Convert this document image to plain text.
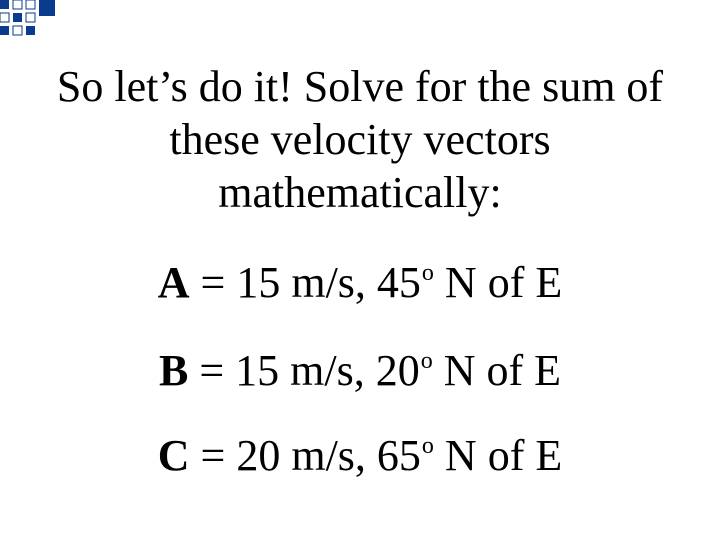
So let’s do it! Solve for the sum of these velocity vectors mathematically:
A = 15 m/s, 45$^o$ N of E
B = 15 m/s, 20$^o$ N of E
C = 20 m/s, 65$^o$ N of E
